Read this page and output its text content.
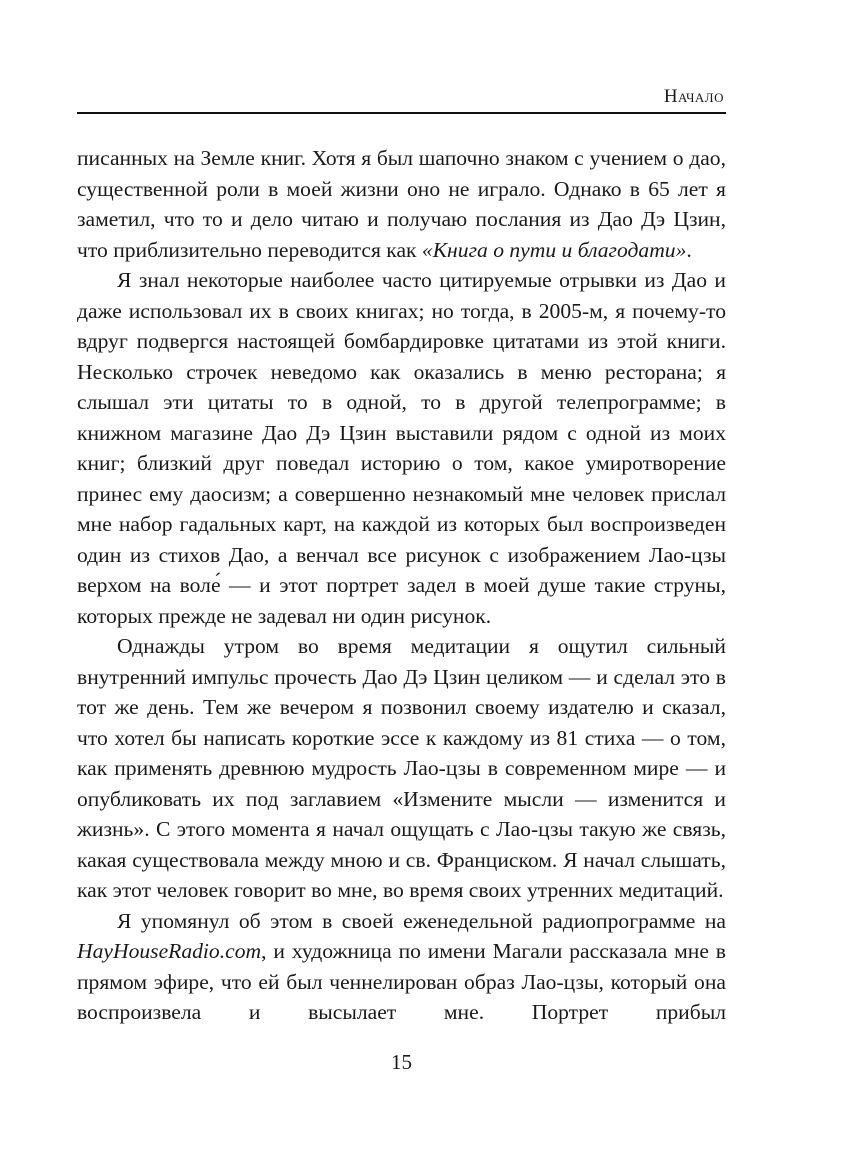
Начало

писанных на Земле книг. Хотя я был шапочно знаком с учением о дао, существенной роли в моей жизни оно не играло. Однако в 65 лет я заметил, что то и дело читаю и получаю послания из Дао Дэ Цзин, что приблизительно переводится как «Книга о пути и благодати».

Я знал некоторые наиболее часто цитируемые отрывки из Дао и даже использовал их в своих книгах; но тогда, в 2005-м, я почему-то вдруг подвергся настоящей бомбардировке цитатами из этой книги. Несколько строчек неведомо как оказались в меню ресторана; я слышал эти цитаты то в одной, то в другой телепрограмме; в книжном магазине Дао Дэ Цзин выставили рядом с одной из моих книг; близкий друг поведал историю о том, какое умиротворение принес ему даосизм; а совершенно незнакомый мне человек прислал мне набор гадальных карт, на каждой из которых был воспроизведен один из стихов Дао, а венчал все рисунок с изображением Лао-цзы верхом на воле́ — и этот портрет задел в моей душе такие струны, которых прежде не задевал ни один рисунок.

Однажды утром во время медитации я ощутил сильный внутренний импульс прочесть Дао Дэ Цзин целиком — и сделал это в тот же день. Тем же вечером я позвонил своему издателю и сказал, что хотел бы написать короткие эссе к каждому из 81 стиха — о том, как применять древнюю мудрость Лао-цзы в современном мире — и опубликовать их под заглавием «Измените мысли — изменится и жизнь». С этого момента я начал ощущать с Лао-цзы такую же связь, какая существовала между мною и св. Франциском. Я начал слышать, как этот человек говорит во мне, во время своих утренних медитаций.

Я упомянул об этом в своей еженедельной радиопрограмме на HayHouseRadio.com, и художница по имени Магали рассказала мне в прямом эфире, что ей был ченнелирован образ Лао-цзы, который она воспроизвела и высылает мне. Портрет прибыл

15
